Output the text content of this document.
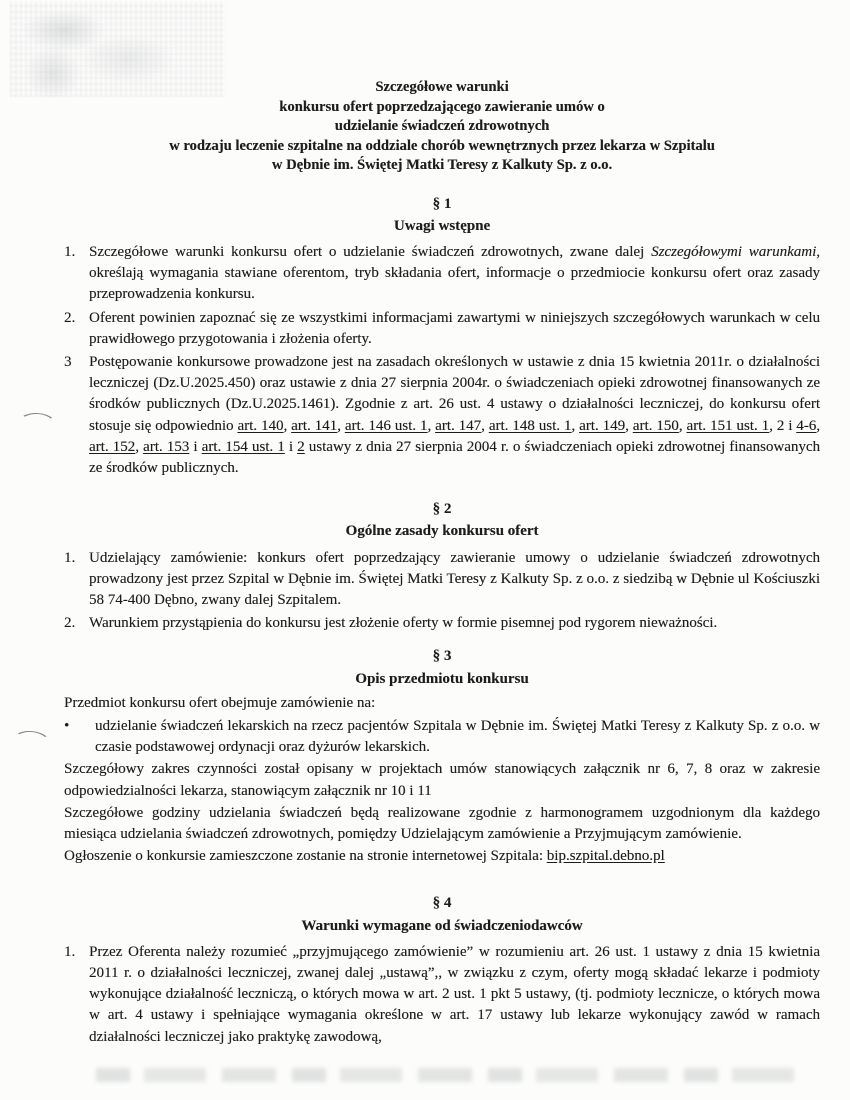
Szczegółowe warunki
konkursu ofert poprzedzającego zawieranie umów o
udzielanie świadczeń zdrowotnych
w rodzaju leczenie szpitalne na oddziale chorób wewnętrznych przez lekarza w Szpitalu
w Dębnie im. Świętej Matki Teresy z Kalkuty Sp. z o.o.
§ 1
Uwagi wstępne
1. Szczegółowe warunki konkursu ofert o udzielanie świadczeń zdrowotnych, zwane dalej Szczegółowymi warunkami, określają wymagania stawiane oferentom, tryb składania ofert, informacje o przedmiocie konkursu ofert oraz zasady przeprowadzenia konkursu.
2. Oferent powinien zapoznać się ze wszystkimi informacjami zawartymi w niniejszych szczegółowych warunkach w celu prawidłowego przygotowania i złożenia oferty.
3 Postępowanie konkursowe prowadzone jest na zasadach określonych w ustawie z dnia 15 kwietnia 2011r. o działalności leczniczej (Dz.U.2025.450) oraz ustawie z dnia 27 sierpnia 2004r. o świadczeniach opieki zdrowotnej finansowanych ze środków publicznych (Dz.U.2025.1461). Zgodnie z art. 26 ust. 4 ustawy o działalności leczniczej, do konkursu ofert stosuje się odpowiednio art. 140, art. 141, art. 146 ust. 1, art. 147, art. 148 ust. 1, art. 149, art. 150, art. 151 ust. 1, 2 i 4-6, art. 152, art. 153 i art. 154 ust. 1 i 2 ustawy z dnia 27 sierpnia 2004 r. o świadczeniach opieki zdrowotnej finansowanych ze środków publicznych.
§ 2
Ogólne zasady konkursu ofert
1. Udzielający zamówienie: konkurs ofert poprzedzający zawieranie umowy o udzielanie świadczeń zdrowotnych prowadzony jest przez Szpital w Dębnie im. Świętej Matki Teresy z Kalkuty Sp. z o.o. z siedzibą w Dębnie ul Kościuszki 58 74-400 Dębno, zwany dalej Szpitalem.
2. Warunkiem przystąpienia do konkursu jest złożenie oferty w formie pisemnej pod rygorem nieważności.
§ 3
Opis przedmiotu konkursu
Przedmiot konkursu ofert obejmuje zamówienie na:
• udzielanie świadczeń lekarskich na rzecz pacjentów Szpitala w Dębnie im. Świętej Matki Teresy z Kalkuty Sp. z o.o. w czasie podstawowej ordynacji oraz dyżurów lekarskich.
Szczegółowy zakres czynności został opisany w projektach umów stanowiących załącznik nr 6, 7, 8 oraz w zakresie odpowiedzialności lekarza, stanowiącym załącznik nr 10 i 11
Szczegółowe godziny udzielania świadczeń będą realizowane zgodnie z harmonogramem uzgodnionym dla każdego miesiąca udzielania świadczeń zdrowotnych, pomiędzy Udzielającym zamówienie a Przyjmującym zamówienie.
Ogłoszenie o konkursie zamieszczone zostanie na stronie internetowej Szpitala: bip.szpital.debno.pl
§ 4
Warunki wymagane od świadczeniodawców
1. Przez Oferenta należy rozumieć „przyjmującego zamówienie” w rozumieniu art. 26 ust. 1 ustawy z dnia 15 kwietnia 2011 r. o działalności leczniczej, zwanej dalej „ustawą”,, w związku z czym, oferty mogą składać lekarze i podmioty wykonujące działalność leczniczą, o których mowa w art. 2 ust. 1 pkt 5 ustawy, (tj. podmioty lecznicze, o których mowa w art. 4 ustawy i spełniające wymagania określone w art. 17 ustawy lub lekarze wykonujący zawód w ramach działalności leczniczej jako praktykę zawodową,
